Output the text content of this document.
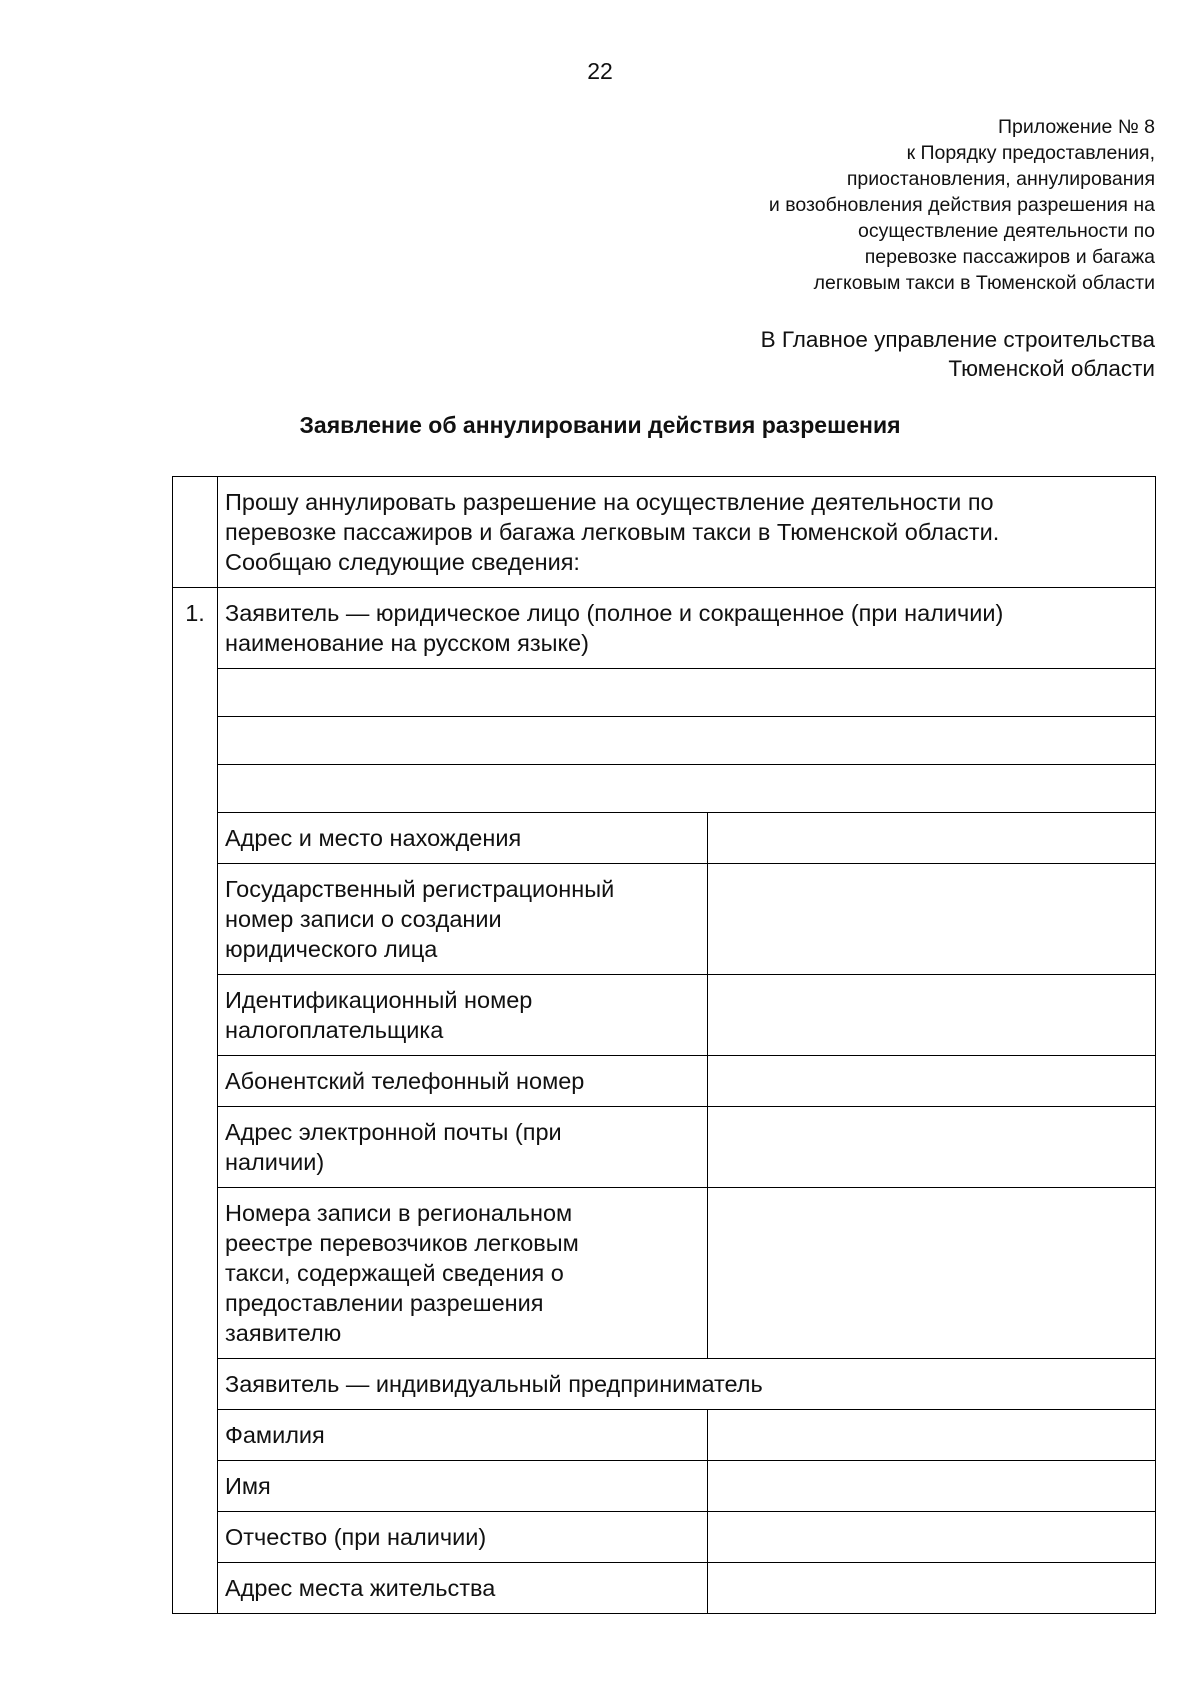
22
Приложение № 8
к Порядку предоставления,
приостановления, аннулирования
и возобновления действия разрешения на
осуществление деятельности по
перевозке пассажиров и багажа
легковым такси в Тюменской области
В Главное управление строительства
Тюменской области
Заявление об аннулировании действия разрешения

	Прошу аннулировать разрешение на осуществление деятельности по
перевозке пассажиров и багажа легковым такси в Тюменской области.
Сообщаю следующие сведения:	

1.	Заявитель — юридическое лицо (полное и сокращенное (при наличии)
наименование на русском языке)	

	Адрес и место нахождения	

	Государственный регистрационный
номер записи о создании
юридического лица	

	Идентификационный номер
налогоплательщика	

	Абонентский телефонный номер	

	Адрес электронной почты (при
наличии)	

	Номера записи в региональном
реестре перевозчиков легковым
такси, содержащей сведения о
предоставлении разрешения
заявителю	

	Заявитель — индивидуальный предприниматель	
	Фамилия	
	Имя	
	Отчество (при наличии)	
	Адрес места жительства	
